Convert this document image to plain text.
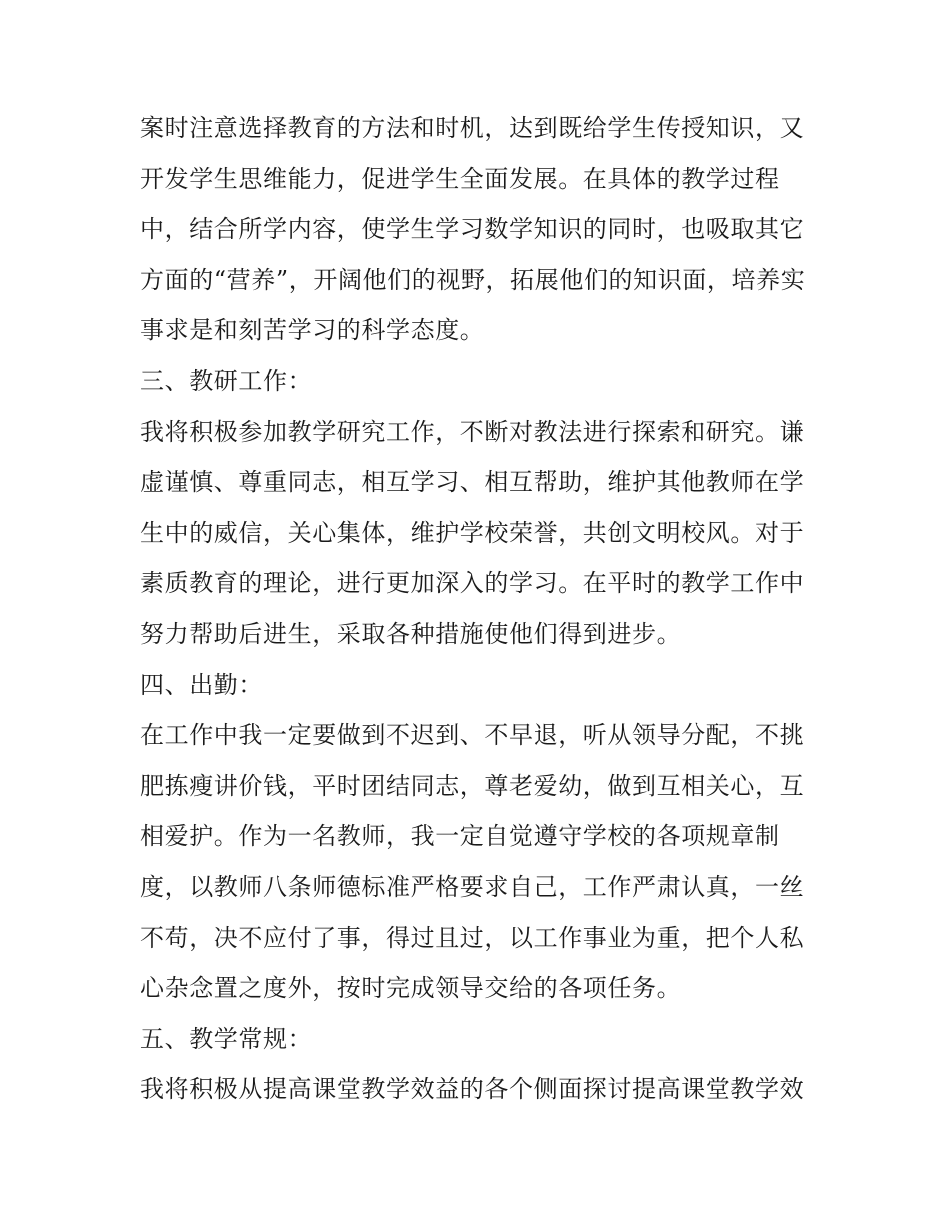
案时注意选择教育的方法和时机，达到既给学生传授知识，又
开发学生思维能力，促进学生全面发展。在具体的教学过程
中，结合所学内容，使学生学习数学知识的同时，也吸取其它
方面的“营养”，开阔他们的视野，拓展他们的知识面，培养实
事求是和刻苦学习的科学态度。
三、教研工作：
我将积极参加教学研究工作，不断对教法进行探索和研究。谦
虚谨慎、尊重同志，相互学习、相互帮助，维护其他教师在学
生中的威信，关心集体，维护学校荣誉，共创文明校风。对于
素质教育的理论，进行更加深入的学习。在平时的教学工作中
努力帮助后进生，采取各种措施使他们得到进步。
四、出勤：
在工作中我一定要做到不迟到、不早退，听从领导分配，不挑
肥拣瘦讲价钱，平时团结同志，尊老爱幼，做到互相关心，互
相爱护。作为一名教师，我一定自觉遵守学校的各项规章制
度，以教师八条师德标准严格要求自己，工作严肃认真，一丝
不苟，决不应付了事，得过且过，以工作事业为重，把个人私
心杂念置之度外，按时完成领导交给的各项任务。
五、教学常规：
我将积极从提高课堂教学效益的各个侧面探讨提高课堂教学效
